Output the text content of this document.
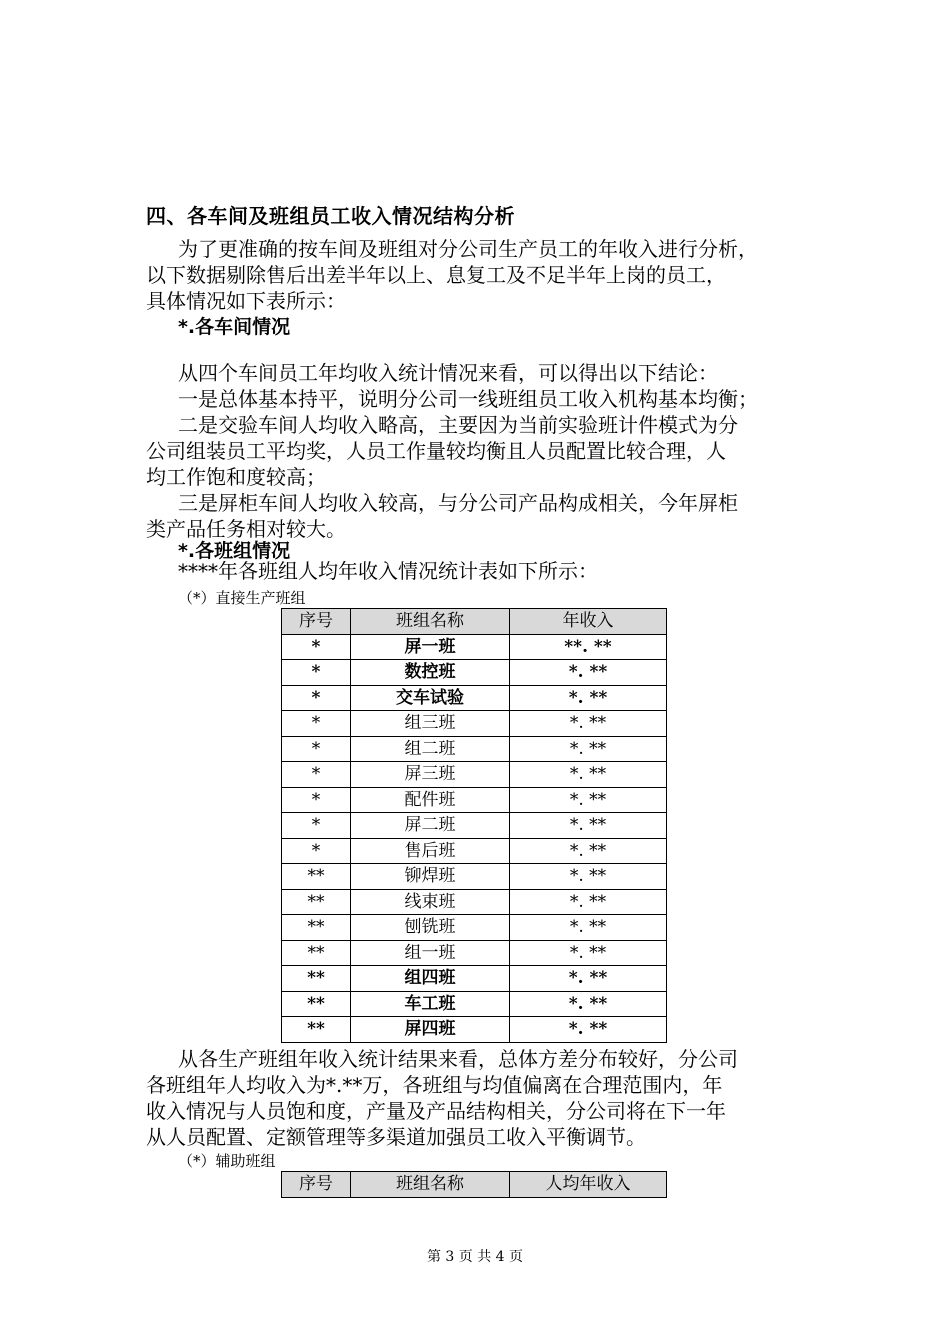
四、各车间及班组员工收入情况结构分析
为了更准确的按车间及班组对分公司生产员工的年收入进行分析，
以下数据剔除售后出差半年以上、息复工及不足半年上岗的员工，
具体情况如下表所示：
*.各车间情况
从四个车间员工年均收入统计情况来看，可以得出以下结论：
一是总体基本持平，说明分公司一线班组员工收入机构基本均衡；
二是交验车间人均收入略高，主要因为当前实验班计件模式为分
公司组装员工平均奖，人员工作量较均衡且人员配置比较合理，人
均工作饱和度较高；
三是屏柜车间人均收入较高，与分公司产品构成相关，今年屏柜
类产品任务相对较大。
*.各班组情况
****年各班组人均年收入情况统计表如下所示：
（*）直接生产班组
序号	班组名称	年收入
*	屏一班	**. **
*	数控班	*. **
*	交车试验	*. **
*	组三班	*. **
*	组二班	*. **
*	屏三班	*. **
*	配件班	*. **
*	屏二班	*. **
*	售后班	*. **
**	铆焊班	*. **
**	线束班	*. **
**	刨铣班	*. **
**	组一班	*. **
**	组四班	*. **
**	车工班	*. **
**	屏四班	*. **
从各生产班组年收入统计结果来看，总体方差分布较好，分公司
各班组年人均收入为*.**万，各班组与均值偏离在合理范围内，年
收入情况与人员饱和度，产量及产品结构相关，分公司将在下一年
从人员配置、定额管理等多渠道加强员工收入平衡调节。
（*）辅助班组
序号	班组名称	人均年收入
第 3 页 共 4 页
